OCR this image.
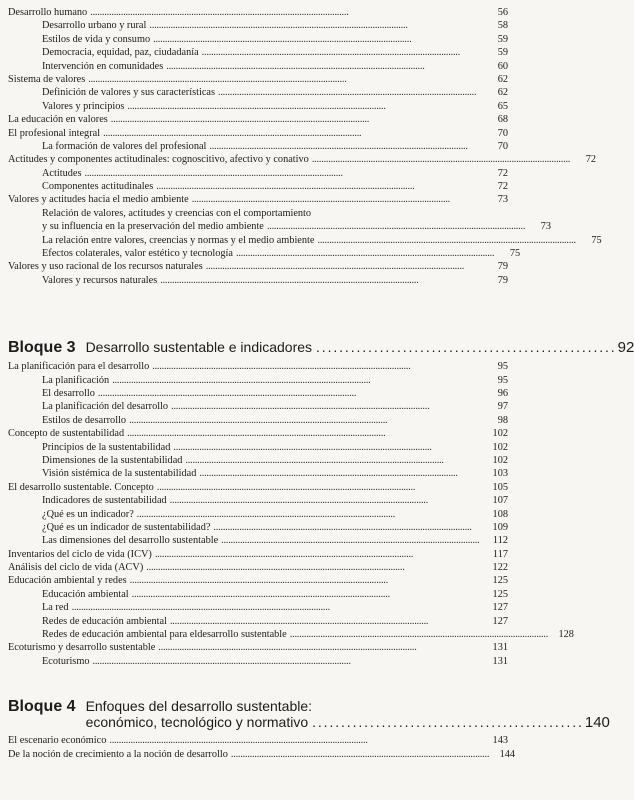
Desarrollo humano . . .	56
Desarrollo urbano y rural . . .	58
Estilos de vida y consumo . . .	59
Democracia, equidad, paz, ciudadanía . . .	59
Intervención en comunidades . . .	60
Sistema de valores . . .	62
Definición de valores y sus características . . .	62
Valores y principios . . .	65
La educación en valores . . .	68
El profesional integral . . .	70
La formación de valores del profesional . . .	70
Actitudes y componentes actitudinales: cognoscitivo, afectivo y conativo . . .	72
Actitudes . . .	72
Componentes actitudinales . . .	72
Valores y actitudes hacia el medio ambiente . . .	73
Relación de valores, actitudes y creencias con el comportamiento
y su influencia en la preservación del medio ambiente . . .	73
La relación entre valores, creencias y normas y el medio ambiente . . .	75
Efectos colaterales, valor estético y tecnología . . .	75
Valores y uso racional de los recursos naturales . . .	79
Valores y recursos naturales . . .	79
Bloque 3 Desarrollo sustentable e indicadores . . .	92
La planificación para el desarrollo . . .	95
La planificación . . .	95
El desarrollo . . .	96
La planificación del desarrollo . . .	97
Estilos de desarrollo . . .	98
Concepto de sustentabilidad . . .	102
Principios de la sustentabilidad . . .	102
Dimensiones de la sustentabilidad . . .	102
Visión sistémica de la sustentabilidad . . .	103
El desarrollo sustentable. Concepto . . .	105
Indicadores de sustentabilidad . . .	107
¿Qué es un indicador? . . .	108
¿Qué es un indicador de sustentabilidad? . . .	109
Las dimensiones del desarrollo sustentable . . .	112
Inventarios del ciclo de vida (ICV) . . .	117
Análisis del ciclo de vida (ACV) . . .	122
Educación ambiental y redes . . .	125
Educación ambiental . . .	125
La red . . .	127
Redes de educación ambiental . . .	127
Redes de educación ambiental para eldesarrollo sustentable . . .	128
Ecoturismo y desarrollo sustentable . . .	131
Ecoturismo . . .	131
Bloque 4 Enfoques del desarrollo sustentable:
económico, tecnológico y normativo . . .	140
El escenario económico . . .	143
De la noción de crecimiento a la noción de desarrollo . . .	144
